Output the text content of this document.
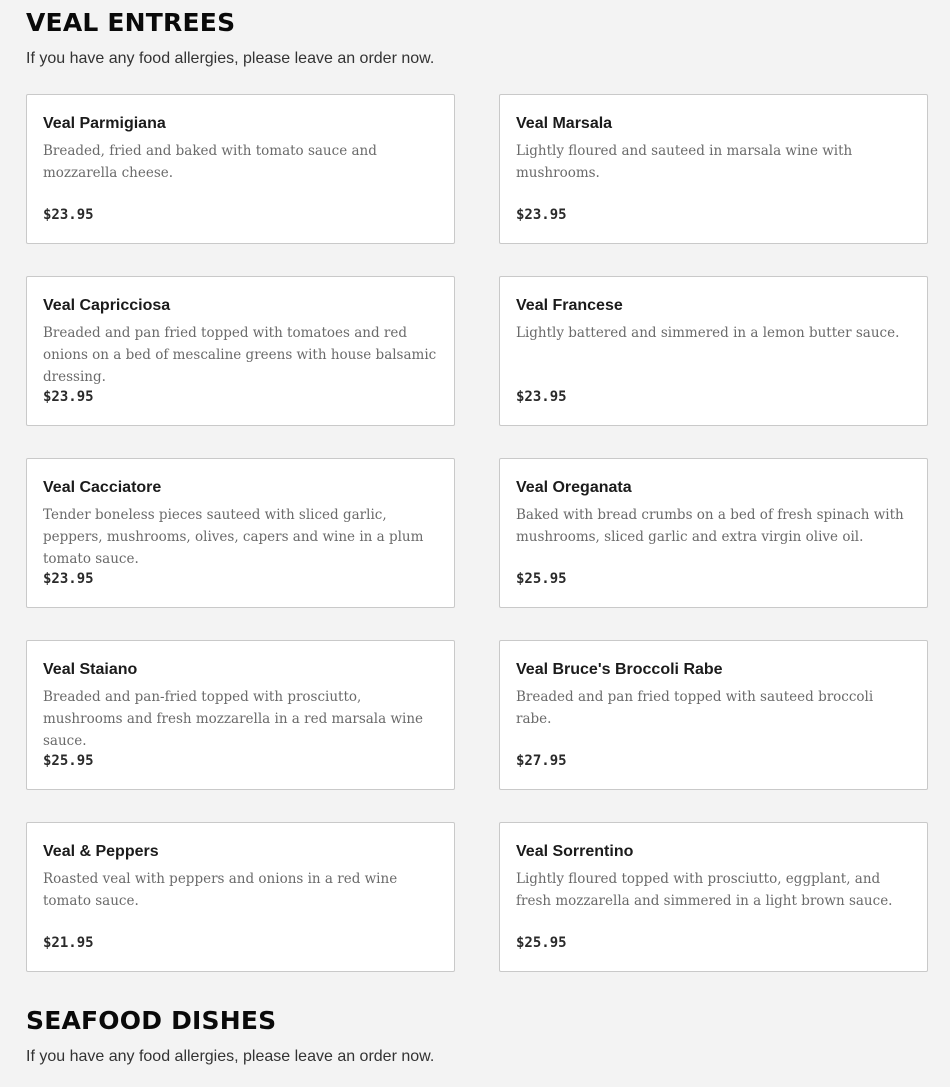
VEAL ENTREES

If you have any food allergies, please leave an order now.

Veal Parmigiana

Breaded, fried and baked with tomato sauce and mozzarella cheese.

$23.95

Veal Marsala

Lightly floured and sauteed in marsala wine with mushrooms.

$23.95

Veal Capricciosa

Breaded and pan fried topped with tomatoes and red onions on a bed of mescaline greens with house balsamic dressing.

$23.95

Veal Francese

Lightly battered and simmered in a lemon butter sauce.

$23.95

Veal Cacciatore

Tender boneless pieces sauteed with sliced garlic, peppers, mushrooms, olives, capers and wine in a plum tomato sauce.

$23.95

Veal Oreganata

Baked with bread crumbs on a bed of fresh spinach with mushrooms, sliced garlic and extra virgin olive oil.

$25.95

Veal Staiano

Breaded and pan-fried topped with prosciutto, mushrooms and fresh mozzarella in a red marsala wine sauce.

$25.95

Veal Bruce's Broccoli Rabe

Breaded and pan fried topped with sauteed broccoli rabe.

$27.95

Veal & Peppers

Roasted veal with peppers and onions in a red wine tomato sauce.

$21.95

Veal Sorrentino

Lightly floured topped with prosciutto, eggplant, and fresh mozzarella and simmered in a light brown sauce.

$25.95
SEAFOOD DISHES

If you have any food allergies, please leave an order now.
